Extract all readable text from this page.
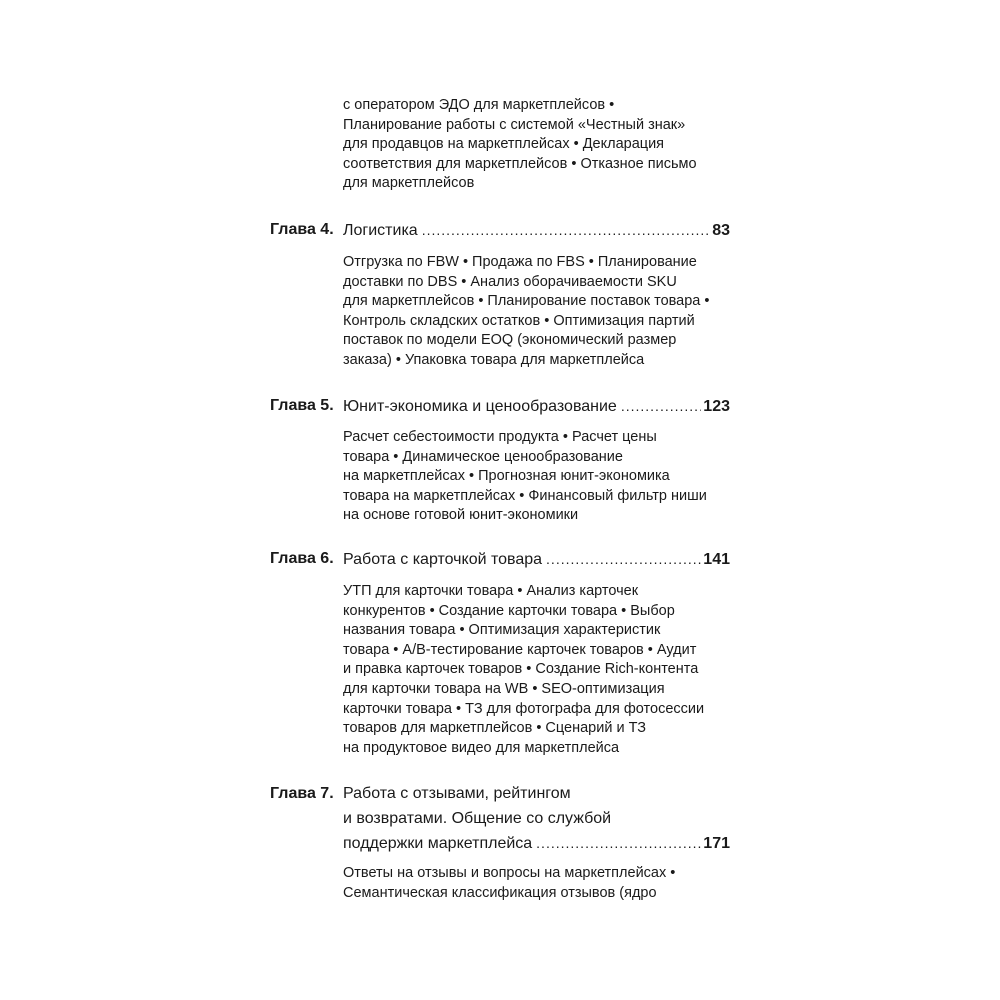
с оператором ЭДО для маркетплейсов •
Планирование работы с системой «Честный знак»
для продавцов на маркетплейсах • Декларация
соответствия для маркетплейсов • Отказное письмо
для маркетплейсов
Глава 4. Логистика .....	83
Отгрузка по FBW • Продажа по FBS • Планирование
доставки по DBS • Анализ оборачиваемости SKU
для маркетплейсов • Планирование поставок товара •
Контроль складских остатков • Оптимизация партий
поставок по модели EOQ (экономический размер
заказа) • Упаковка товара для маркетплейса
Глава 5. Юнит-экономика и ценообразование .....	123
Расчет себестоимости продукта • Расчет цены
товара • Динамическое ценообразование
на маркетплейсах • Прогнозная юнит-экономика
товара на маркетплейсах • Финансовый фильтр ниши
на основе готовой юнит-экономики
Глава 6. Работа с карточкой товара .....	141
УТП для карточки товара • Анализ карточек
конкурентов • Создание карточки товара • Выбор
названия товара • Оптимизация характеристик
товара • A/B-тестирование карточек товаров • Аудит
и правка карточек товаров • Создание Rich-контента
для карточки товара на WB • SEO-оптимизация
карточки товара • ТЗ для фотографа для фотосессии
товаров для маркетплейсов • Сценарий и ТЗ
на продуктовое видео для маркетплейса
Глава 7. Работа с отзывами, рейтингом
и возвратами. Общение со службой
поддержки маркетплейса .....	171
Ответы на отзывы и вопросы на маркетплейсах •
Семантическая классификация отзывов (ядро
